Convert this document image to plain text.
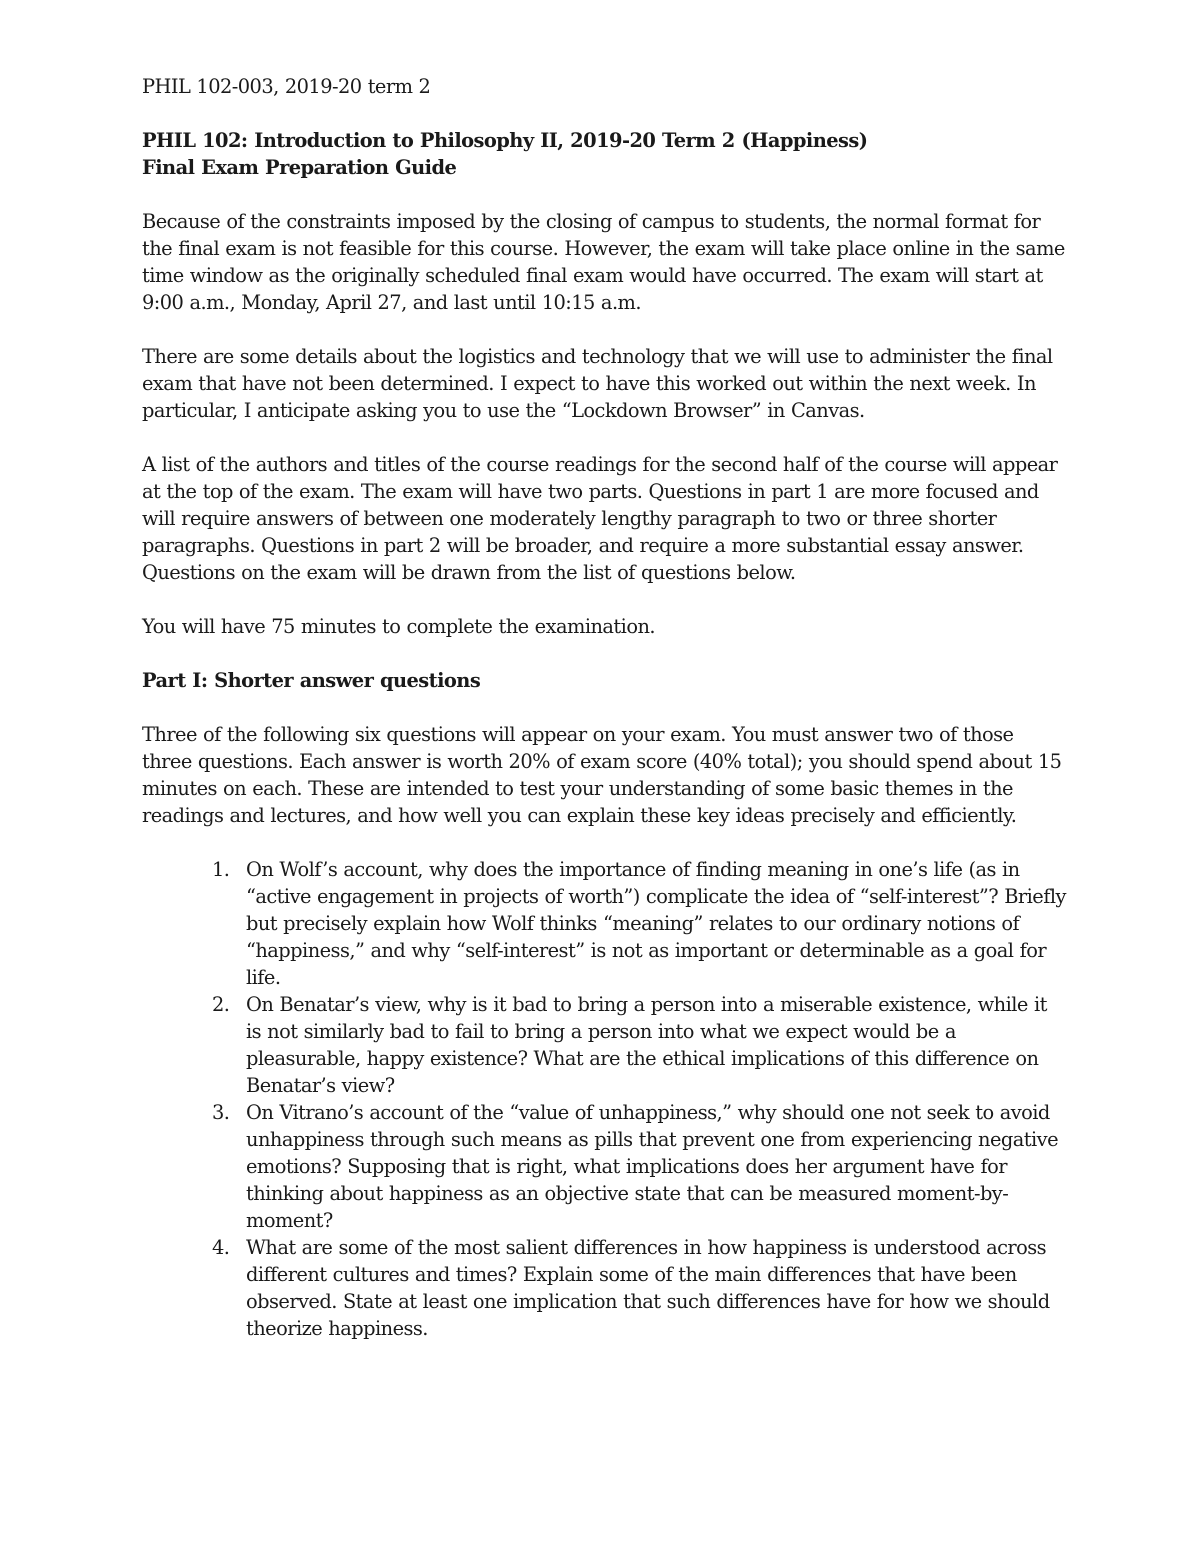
PHIL 102-003, 2019-20 term 2
PHIL 102: Introduction to Philosophy II, 2019-20 Term 2 (Happiness)
Final Exam Preparation Guide

Because of the constraints imposed by the closing of campus to students, the normal format for the final exam is not feasible for this course. However, the exam will take place online in the same time window as the originally scheduled final exam would have occurred. The exam will start at 9:00 a.m., Monday, April 27, and last until 10:15 a.m.

There are some details about the logistics and technology that we will use to administer the final exam that have not been determined. I expect to have this worked out within the next week. In particular, I anticipate asking you to use the “Lockdown Browser” in Canvas.

A list of the authors and titles of the course readings for the second half of the course will appear at the top of the exam. The exam will have two parts. Questions in part 1 are more focused and will require answers of between one moderately lengthy paragraph to two or three shorter paragraphs. Questions in part 2 will be broader, and require a more substantial essay answer. Questions on the exam will be drawn from the list of questions below.

You will have 75 minutes to complete the examination.

Part I: Shorter answer questions

Three of the following six questions will appear on your exam. You must answer two of those three questions. Each answer is worth 20% of exam score (40% total); you should spend about 15 minutes on each. These are intended to test your understanding of some basic themes in the readings and lectures, and how well you can explain these key ideas precisely and efficiently.

1. On Wolf’s account, why does the importance of finding meaning in one’s life (as in “active engagement in projects of worth”) complicate the idea of “self-interest”? Briefly but precisely explain how Wolf thinks “meaning” relates to our ordinary notions of “happiness,” and why “self-interest” is not as important or determinable as a goal for life.
2. On Benatar’s view, why is it bad to bring a person into a miserable existence, while it is not similarly bad to fail to bring a person into what we expect would be a pleasurable, happy existence? What are the ethical implications of this difference on Benatar’s view?
3. On Vitrano’s account of the “value of unhappiness,” why should one not seek to avoid unhappiness through such means as pills that prevent one from experiencing negative emotions? Supposing that is right, what implications does her argument have for thinking about happiness as an objective state that can be measured moment-by-moment?
4. What are some of the most salient differences in how happiness is understood across different cultures and times? Explain some of the main differences that have been observed. State at least one implication that such differences have for how we should theorize happiness.
